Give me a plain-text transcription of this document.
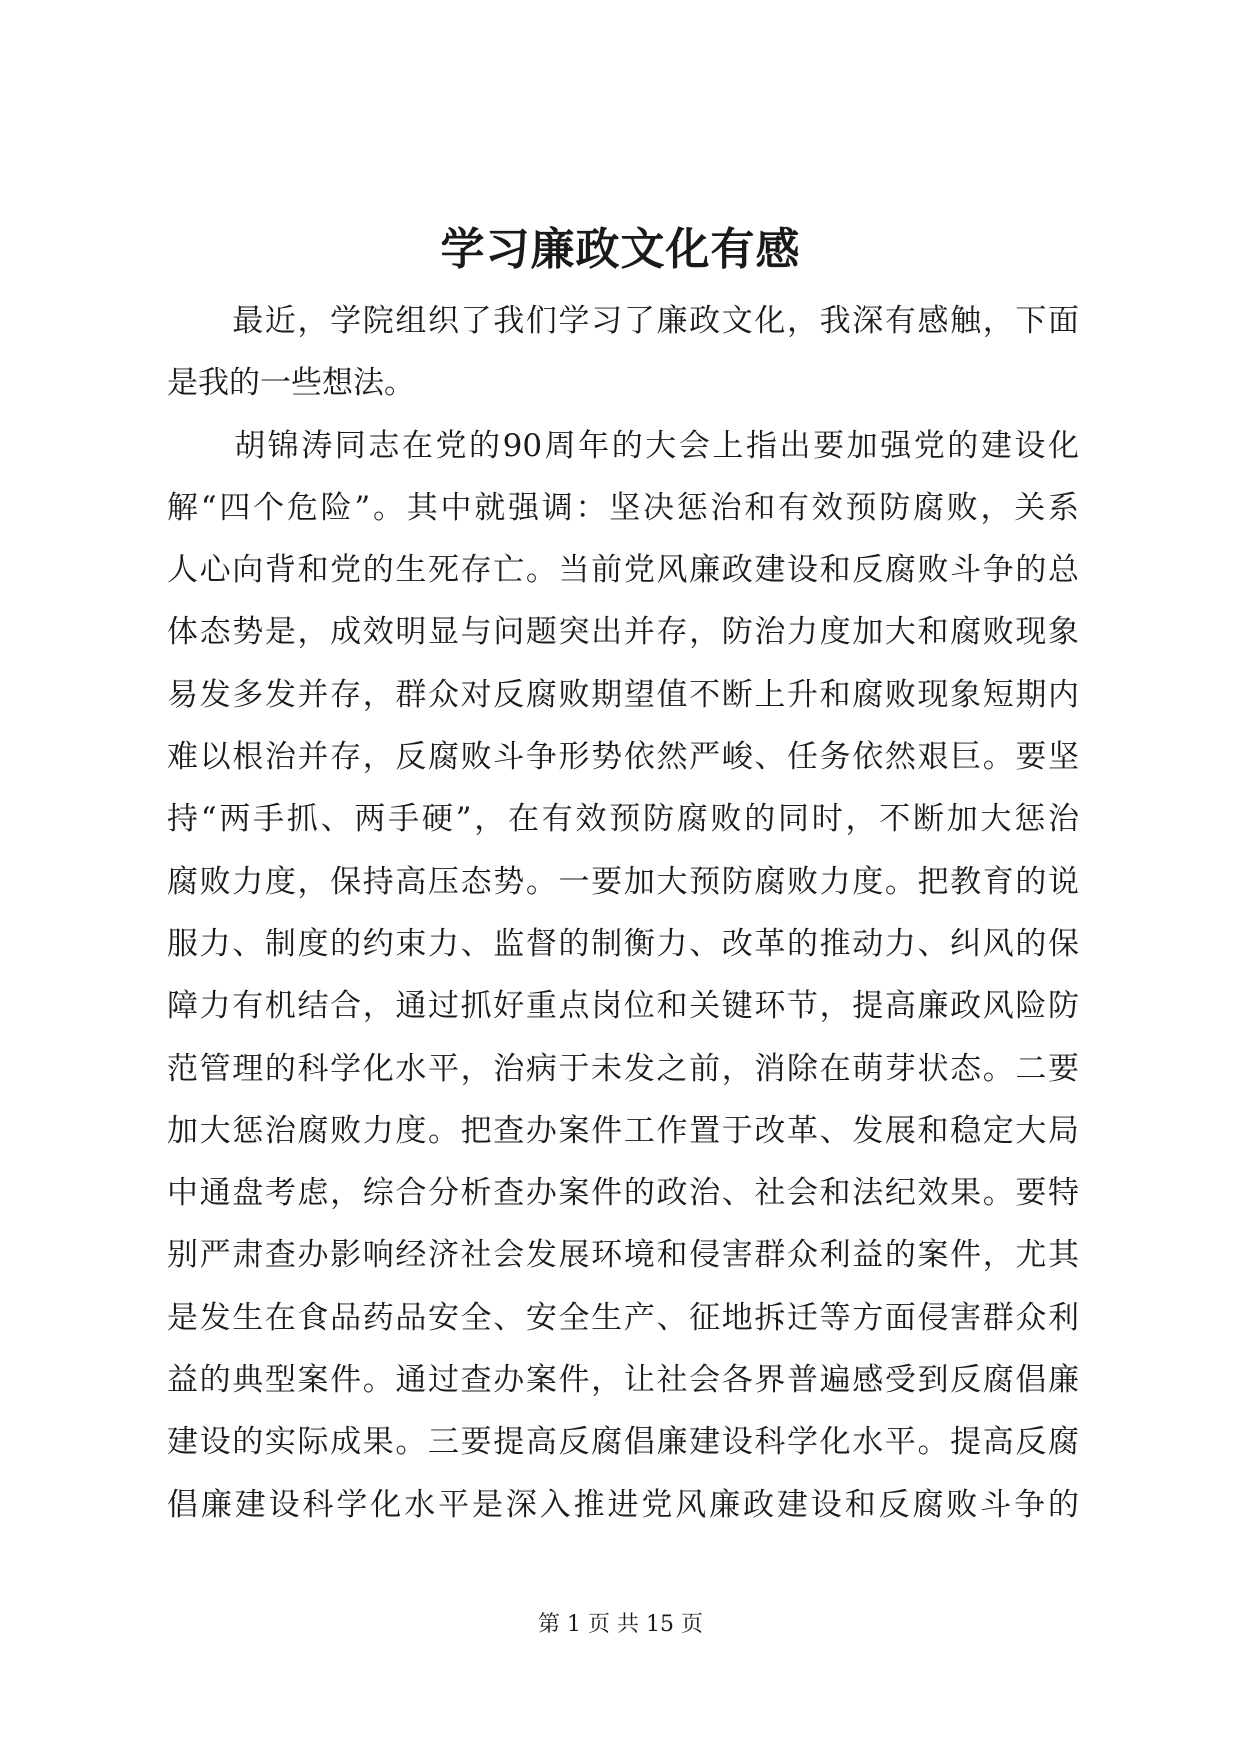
学习廉政文化有感
　　最近，学院组织了我们学习了廉政文化，我深有感触，下面
是我的一些想法。
　　胡锦涛同志在党的90周年的大会上指出要加强党的建设化
解“四个危险”。其中就强调：坚决惩治和有效预防腐败，关系
人心向背和党的生死存亡。当前党风廉政建设和反腐败斗争的总
体态势是，成效明显与问题突出并存，防治力度加大和腐败现象
易发多发并存，群众对反腐败期望值不断上升和腐败现象短期内
难以根治并存，反腐败斗争形势依然严峻、任务依然艰巨。要坚
持“两手抓、两手硬”，在有效预防腐败的同时，不断加大惩治
腐败力度，保持高压态势。一要加大预防腐败力度。把教育的说
服力、制度的约束力、监督的制衡力、改革的推动力、纠风的保
障力有机结合，通过抓好重点岗位和关键环节，提高廉政风险防
范管理的科学化水平，治病于未发之前，消除在萌芽状态。二要
加大惩治腐败力度。把查办案件工作置于改革、发展和稳定大局
中通盘考虑，综合分析查办案件的政治、社会和法纪效果。要特
别严肃查办影响经济社会发展环境和侵害群众利益的案件，尤其
是发生在食品药品安全、安全生产、征地拆迁等方面侵害群众利
益的典型案件。通过查办案件，让社会各界普遍感受到反腐倡廉
建设的实际成果。三要提高反腐倡廉建设科学化水平。提高反腐
倡廉建设科学化水平是深入推进党风廉政建设和反腐败斗争的
第 1 页 共 15 页
